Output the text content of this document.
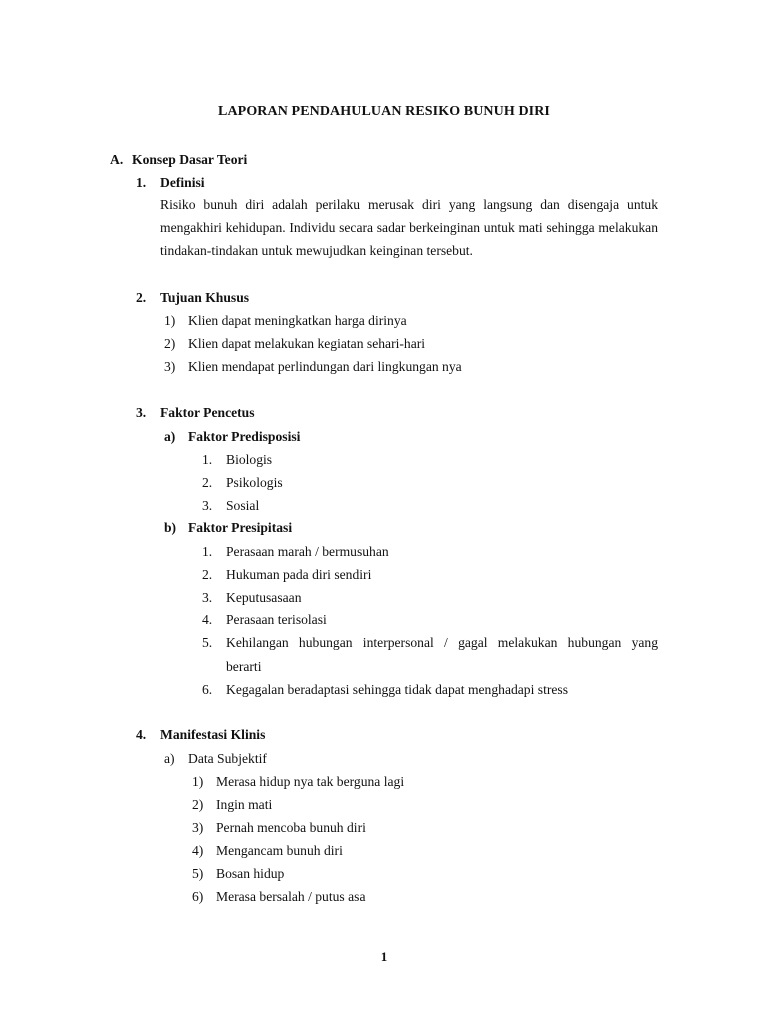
LAPORAN PENDAHULUAN RESIKO BUNUH DIRI
A. Konsep Dasar Teori
1. Definisi
Risiko bunuh diri adalah perilaku merusak diri yang langsung dan disengaja untuk mengakhiri kehidupan. Individu secara sadar berkeinginan untuk mati sehingga melakukan tindakan-tindakan untuk mewujudkan keinginan tersebut.
2. Tujuan Khusus
1) Klien dapat meningkatkan harga dirinya
2) Klien dapat melakukan kegiatan sehari-hari
3) Klien mendapat perlindungan dari lingkungan nya
3. Faktor Pencetus
a) Faktor Predisposisi
1. Biologis
2. Psikologis
3. Sosial
b) Faktor Presipitasi
1. Perasaan marah / bermusuhan
2. Hukuman pada diri sendiri
3. Keputusasaan
4. Perasaan terisolasi
5. Kehilangan hubungan interpersonal / gagal melakukan hubungan yang
berarti
6. Kegagalan beradaptasi sehingga tidak dapat menghadapi stress
4. Manifestasi Klinis
a) Data Subjektif
1) Merasa hidup nya tak berguna lagi
2) Ingin mati
3) Pernah mencoba bunuh diri
4) Mengancam bunuh diri
5) Bosan hidup
6) Merasa bersalah / putus asa
1
